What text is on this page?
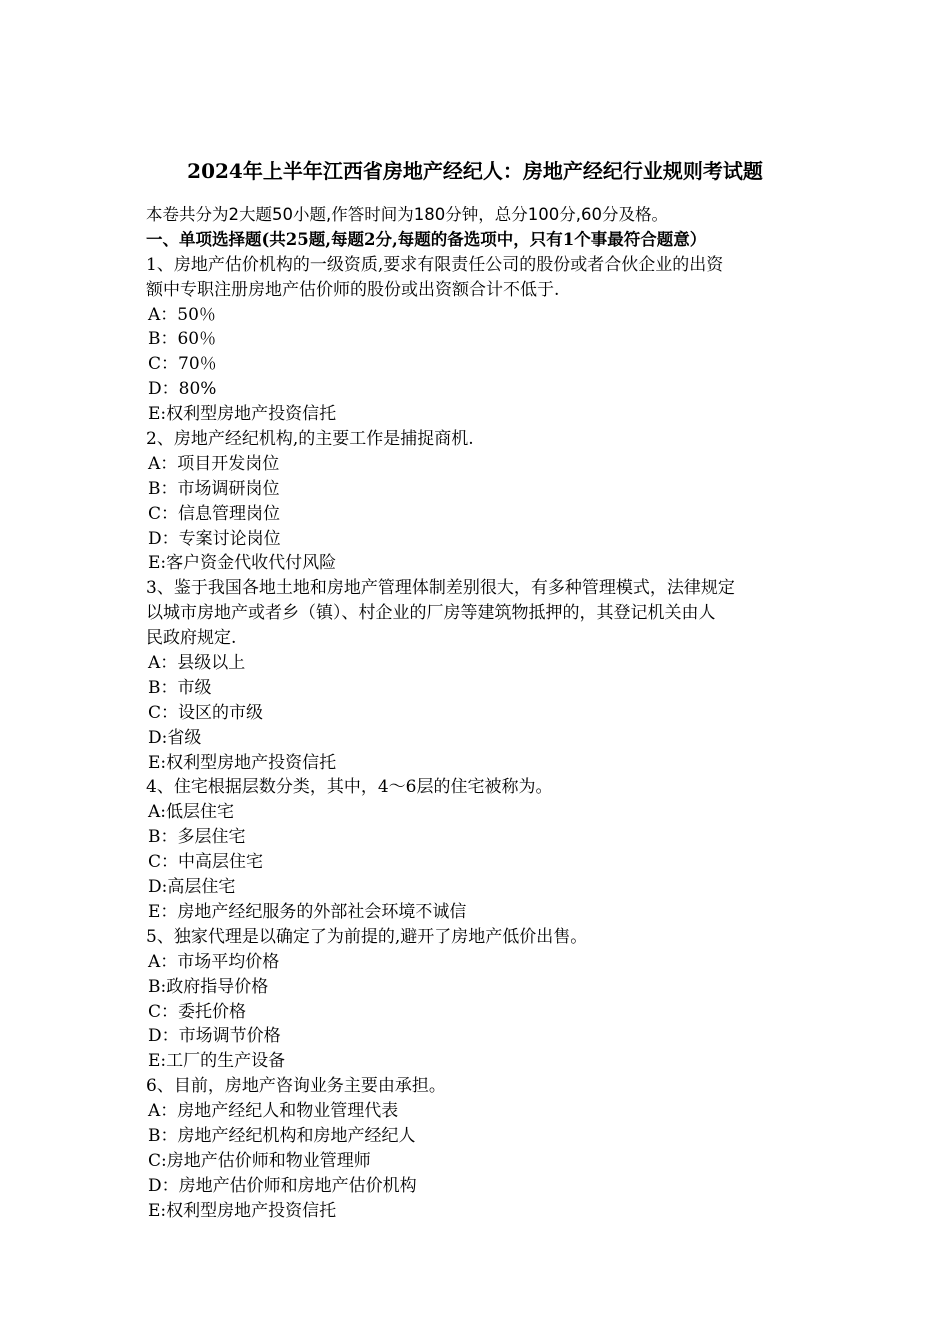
2024年上半年江西省房地产经纪人：房地产经纪行业规则考试题
本卷共分为2大题50小题,作答时间为180分钟，总分100分,60分及格。
一、单项选择题(共25题,每题2分,每题的备选项中，只有1个事最符合题意）
1、房地产估价机构的一级资质,要求有限责任公司的股份或者合伙企业的出资
额中专职注册房地产估价师的股份或出资额合计不低于.
A：50％
B：60％
C：70％
D：80%
E:权利型房地产投资信托
2、房地产经纪机构,的主要工作是捕捉商机.
A：项目开发岗位
B：市场调研岗位
C：信息管理岗位
D：专案讨论岗位
E:客户资金代收代付风险
3、鉴于我国各地土地和房地产管理体制差别很大，有多种管理模式，法律规定
以城市房地产或者乡（镇）、村企业的厂房等建筑物抵押的，其登记机关由人
民政府规定.
A：县级以上
B：市级
C：设区的市级
D:省级
E:权利型房地产投资信托
4、住宅根据层数分类，其中，4～6层的住宅被称为。
A:低层住宅
B：多层住宅
C：中高层住宅
D:高层住宅
E：房地产经纪服务的外部社会环境不诚信
5、独家代理是以确定了为前提的,避开了房地产低价出售。
A：市场平均价格
B:政府指导价格
C：委托价格
D：市场调节价格
E:工厂的生产设备
6、目前，房地产咨询业务主要由承担。
A：房地产经纪人和物业管理代表
B：房地产经纪机构和房地产经纪人
C:房地产估价师和物业管理师
D：房地产估价师和房地产估价机构
E:权利型房地产投资信托
